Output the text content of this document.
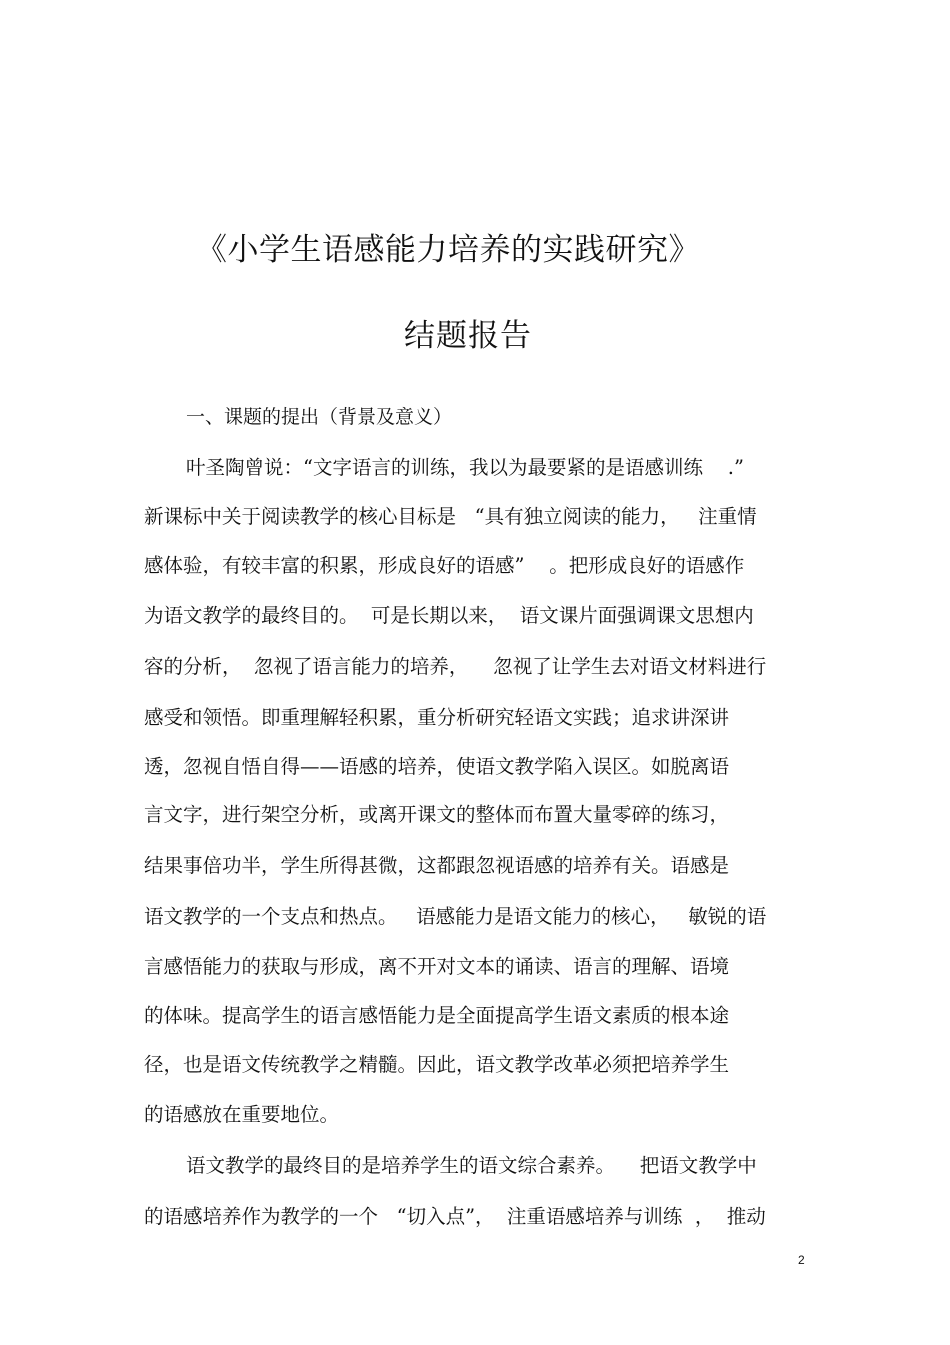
《小学生语感能力培养的实践研究》
结题报告
一、课题的提出（背景及意义）
叶圣陶曾说：“文字语言的训练，我以为最要紧的是语感训练    .”
新课标中关于阅读教学的核心目标是   “具有独立阅读的能力，   注重情
感体验，有较丰富的积累，形成良好的语感”    。把形成良好的语感作
为语文教学的最终目的。  可是长期以来，  语文课片面强调课文思想内
容的分析，  忽视了语言能力的培养，    忽视了让学生去对语文材料进行
感受和领悟。即重理解轻积累，重分析研究轻语文实践；追求讲深讲
透，忽视自悟自得——语感的培养，使语文教学陷入误区。如脱离语
言文字，进行架空分析，或离开课文的整体而布置大量零碎的练习，
结果事倍功半，学生所得甚微，这都跟忽视语感的培养有关。语感是
语文教学的一个支点和热点。   语感能力是语文能力的核心，   敏锐的语
言感悟能力的获取与形成，离不开对文本的诵读、语言的理解、语境
的体味。提高学生的语言感悟能力是全面提高学生语文素质的根本途
径，也是语文传统教学之精髓。因此，语文教学改革必须把培养学生
的语感放在重要地位。
语文教学的最终目的是培养学生的语文综合素养。    把语文教学中
的语感培养作为教学的一个   “切入点”，  注重语感培养与训练  ，  推动
2
